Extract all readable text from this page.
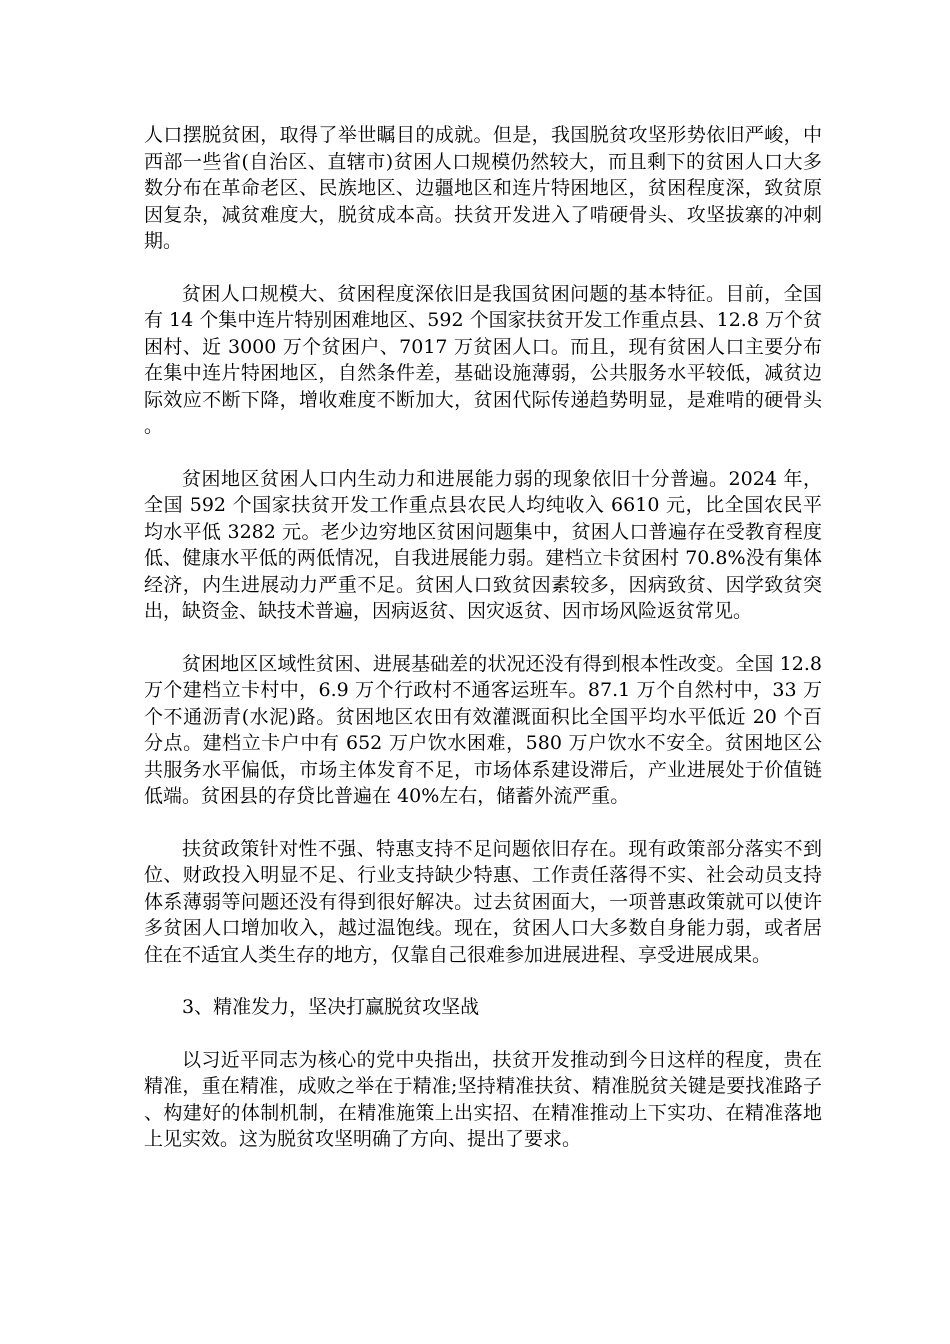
人口摆脱贫困，取得了举世瞩目的成就。但是，我国脱贫攻坚形势依旧严峻，中西部一些省(自治区、直辖市)贫困人口规模仍然较大，而且剩下的贫困人口大多数分布在革命老区、民族地区、边疆地区和连片特困地区，贫困程度深，致贫原因复杂，减贫难度大，脱贫成本高。扶贫开发进入了啃硬骨头、攻坚拔寨的冲刺期。

贫困人口规模大、贫困程度深依旧是我国贫困问题的基本特征。目前，全国有 14 个集中连片特别困难地区、592 个国家扶贫开发工作重点县、12.8 万个贫困村、近 3000 万个贫困户、7017 万贫困人口。而且，现有贫困人口主要分布在集中连片特困地区，自然条件差，基础设施薄弱，公共服务水平较低，减贫边际效应不断下降，增收难度不断加大，贫困代际传递趋势明显，是难啃的硬骨头。

贫困地区贫困人口内生动力和进展能力弱的现象依旧十分普遍。2024 年，全国 592 个国家扶贫开发工作重点县农民人均纯收入 6610 元，比全国农民平均水平低 3282 元。老少边穷地区贫困问题集中，贫困人口普遍存在受教育程度低、健康水平低的两低情况，自我进展能力弱。建档立卡贫困村 70.8%没有集体经济，内生进展动力严重不足。贫困人口致贫因素较多，因病致贫、因学致贫突出，缺资金、缺技术普遍，因病返贫、因灾返贫、因市场风险返贫常见。

贫困地区区域性贫困、进展基础差的状况还没有得到根本性改变。全国 12.8 万个建档立卡村中，6.9 万个行政村不通客运班车。87.1 万个自然村中，33 万个不通沥青(水泥)路。贫困地区农田有效灌溉面积比全国平均水平低近 20 个百分点。建档立卡户中有 652 万户饮水困难，580 万户饮水不安全。贫困地区公共服务水平偏低，市场主体发育不足，市场体系建设滞后，产业进展处于价值链低端。贫困县的存贷比普遍在 40%左右，储蓄外流严重。

扶贫政策针对性不强、特惠支持不足问题依旧存在。现有政策部分落实不到位、财政投入明显不足、行业支持缺少特惠、工作责任落得不实、社会动员支持体系薄弱等问题还没有得到很好解决。过去贫困面大，一项普惠政策就可以使许多贫困人口增加收入，越过温饱线。现在，贫困人口大多数自身能力弱，或者居住在不适宜人类生存的地方，仅靠自己很难参加进展进程、享受进展成果。

3、精准发力，坚决打赢脱贫攻坚战

以习近平同志为核心的党中央指出，扶贫开发推动到今日这样的程度，贵在精准，重在精准，成败之举在于精准;坚持精准扶贫、精准脱贫关键是要找准路子、构建好的体制机制，在精准施策上出实招、在精准推动上下实功、在精准落地上见实效。这为脱贫攻坚明确了方向、提出了要求。
